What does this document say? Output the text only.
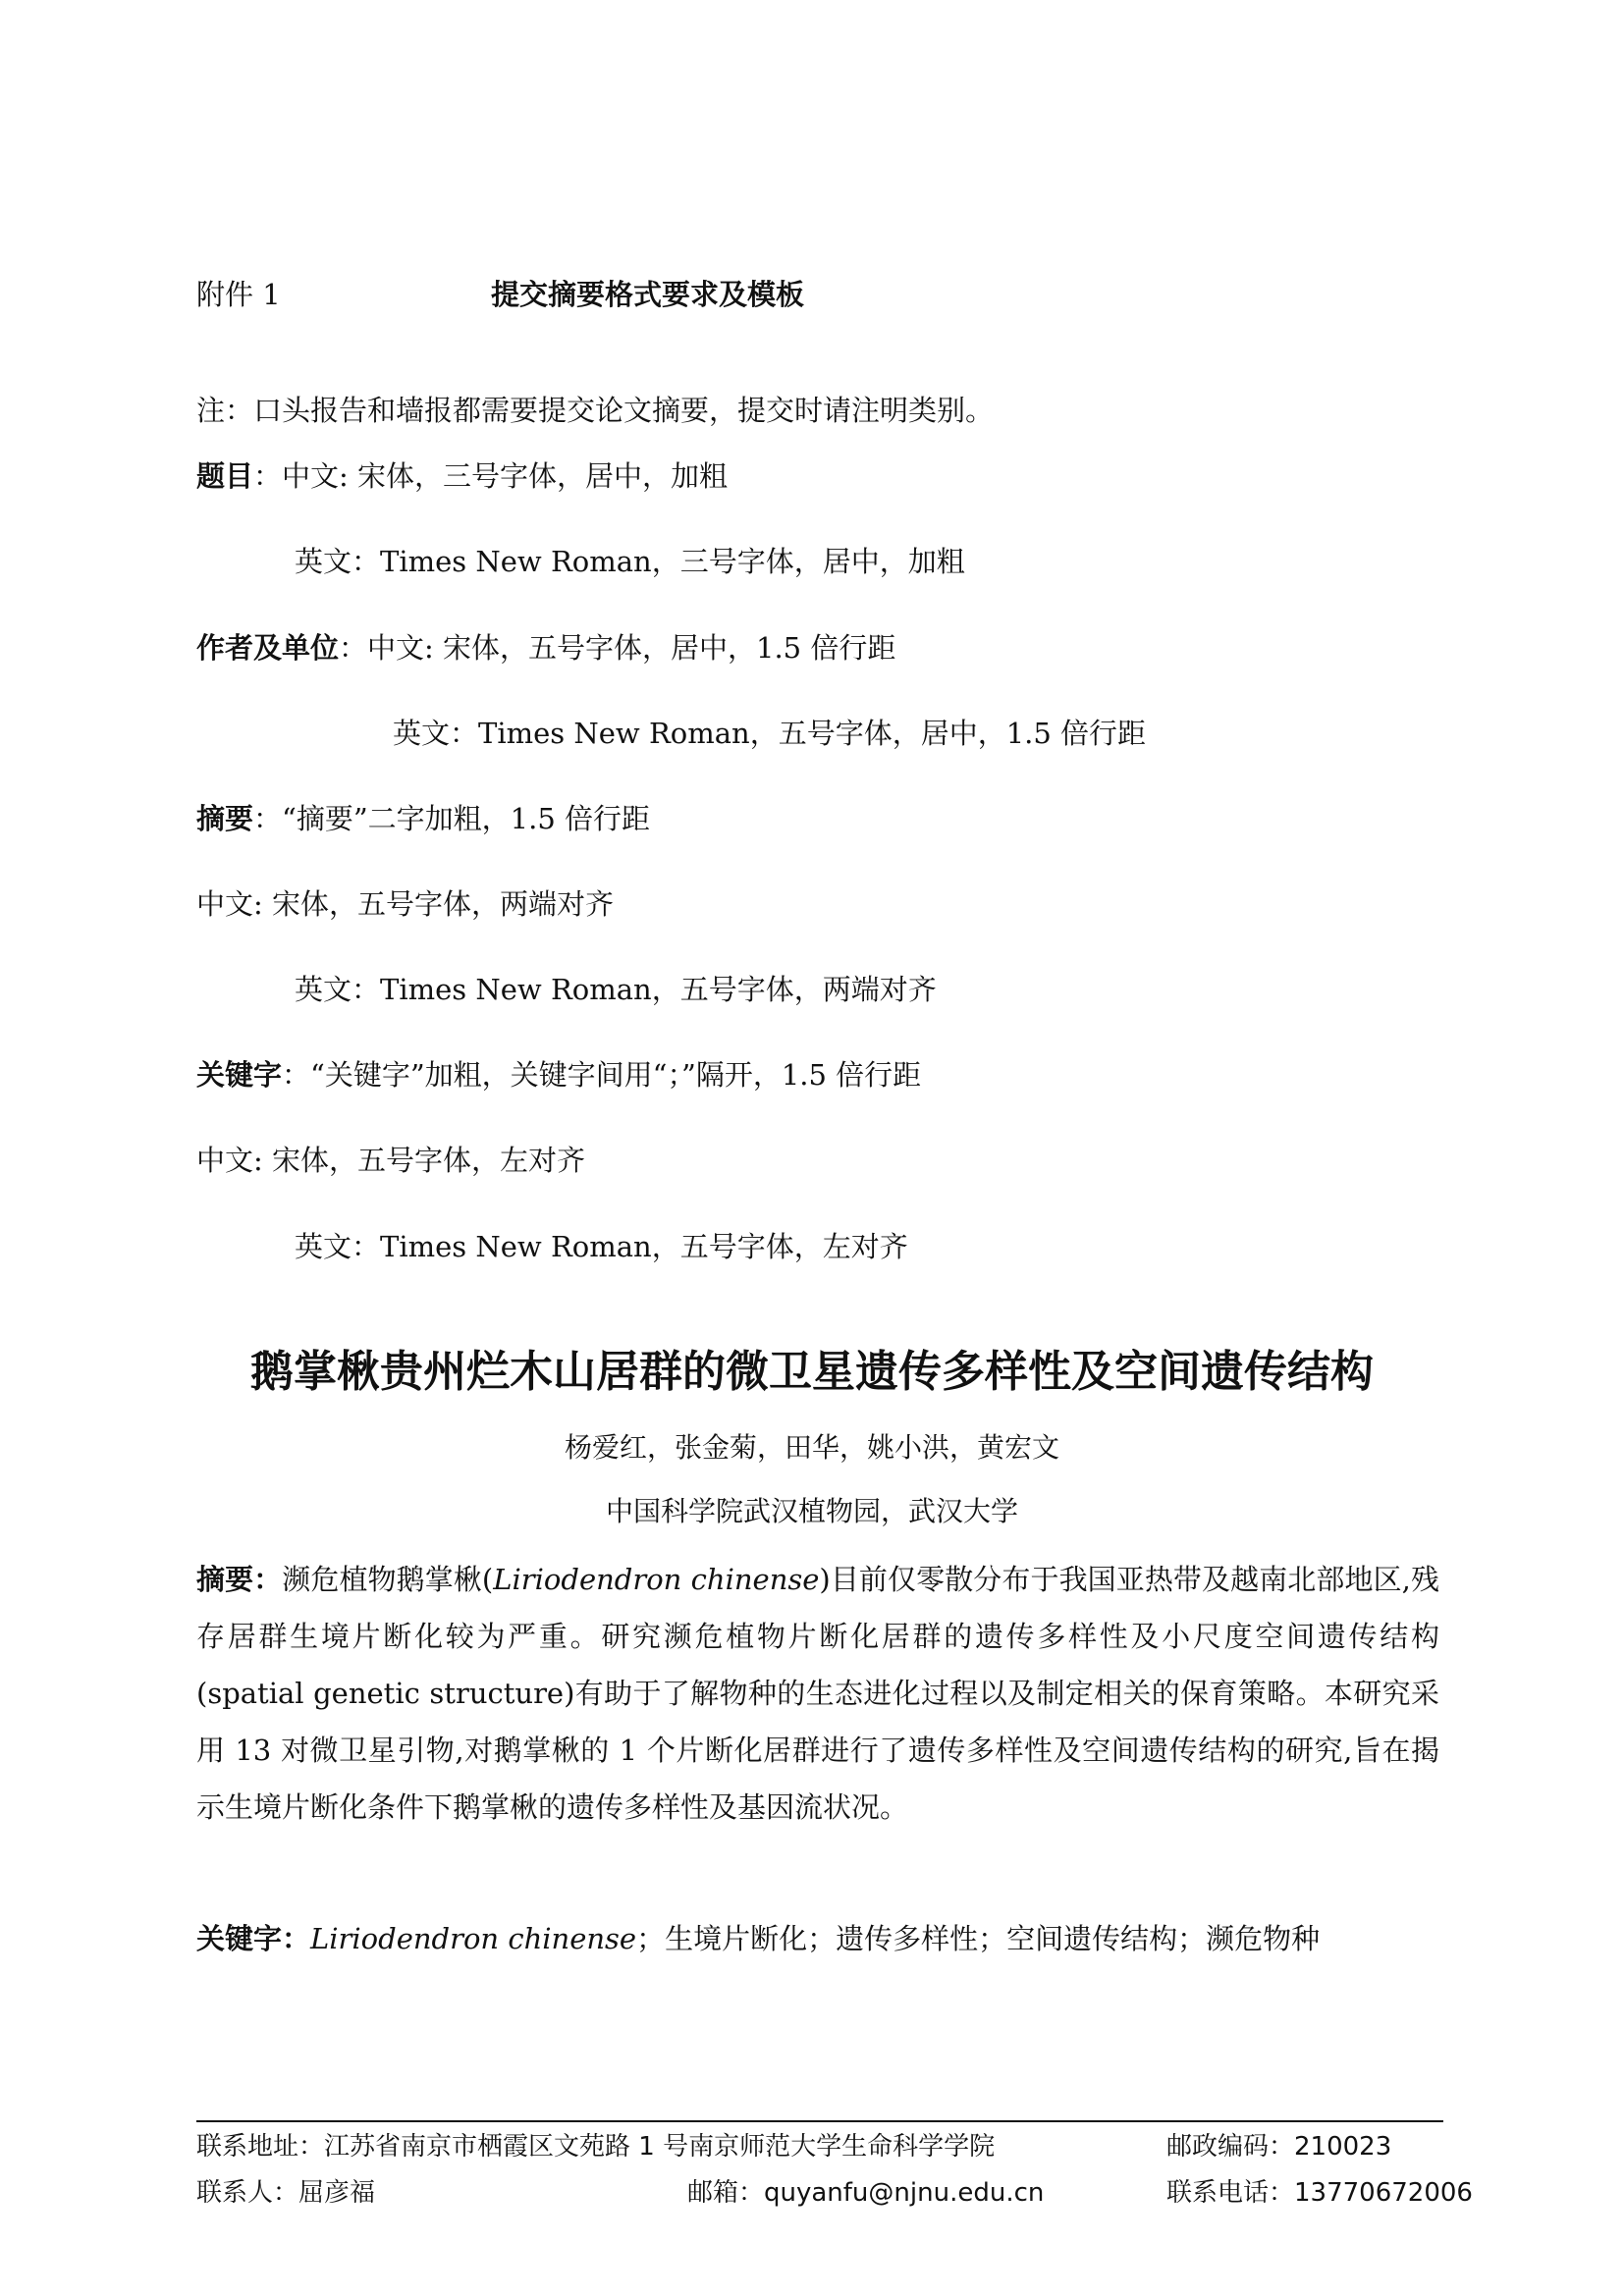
附件 1	提交摘要格式要求及模板
注：口头报告和墙报都需要提交论文摘要，提交时请注明类别。
题目：中文: 宋体，三号字体，居中，加粗
英文：Times New Roman，三号字体，居中，加粗
作者及单位：中文: 宋体，五号字体，居中，1.5 倍行距
英文：Times New Roman，五号字体，居中，1.5 倍行距
摘要：“摘要”二字加粗，1.5 倍行距
中文: 宋体，五号字体，两端对齐
英文：Times New Roman，五号字体，两端对齐
关键字：“关键字”加粗，关键字间用“；”隔开，1.5 倍行距
中文: 宋体，五号字体，左对齐
英文：Times New Roman，五号字体，左对齐
鹅掌楸贵州烂木山居群的微卫星遗传多样性及空间遗传结构
杨爱红，张金菊，田华，姚小洪，黄宏文
中国科学院武汉植物园，武汉大学
摘要：濒危植物鹅掌楸(Liriodendron chinense)目前仅零散分布于我国亚热带及越南北部地区,残存居群生境片断化较为严重。研究濒危植物片断化居群的遗传多样性及小尺度空间遗传结构(spatial genetic structure)有助于了解物种的生态进化过程以及制定相关的保育策略。本研究采用 13 对微卫星引物,对鹅掌楸的 1 个片断化居群进行了遗传多样性及空间遗传结构的研究,旨在揭示生境片断化条件下鹅掌楸的遗传多样性及基因流状况。
关键字：Liriodendron chinense；生境片断化；遗传多样性；空间遗传结构；濒危物种
联系地址：江苏省南京市栖霞区文苑路 1 号南京师范大学生命科学学院	邮政编码：210023
联系人：屈彦福	邮箱：quyanfu@njnu.edu.cn	联系电话：13770672006
